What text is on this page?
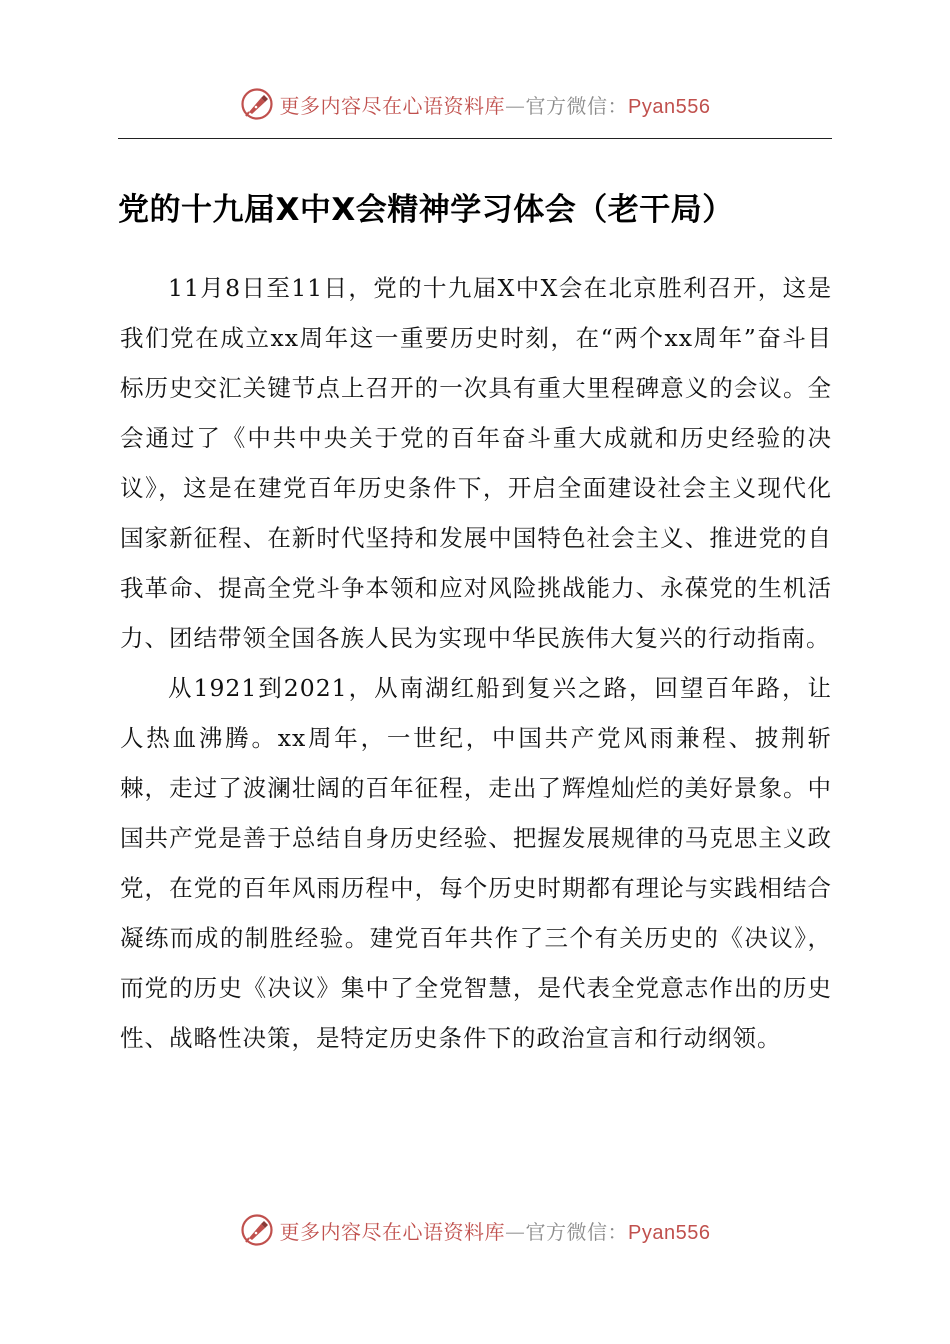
更多内容尽在心语资料库—官方微信：Pyan556
党的十九届X中X会精神学习体会（老干局）

11月8日至11日，党的十九届X中X会在北京胜利召开，这是我们党在成立xx周年这一重要历史时刻，在“两个xx周年”奋斗目标历史交汇关键节点上召开的一次具有重大里程碑意义的会议。全会通过了《中共中央关于党的百年奋斗重大成就和历史经验的决议》，这是在建党百年历史条件下，开启全面建设社会主义现代化国家新征程、在新时代坚持和发展中国特色社会主义、推进党的自我革命、提高全党斗争本领和应对风险挑战能力、永葆党的生机活力、团结带领全国各族人民为实现中华民族伟大复兴的行动指南。

从1921到2021，从南湖红船到复兴之路，回望百年路，让人热血沸腾。xx周年，一世纪，中国共产党风雨兼程、披荆斩棘，走过了波澜壮阔的百年征程，走出了辉煌灿烂的美好景象。中国共产党是善于总结自身历史经验、把握发展规律的马克思主义政党，在党的百年风雨历程中，每个历史时期都有理论与实践相结合凝练而成的制胜经验。建党百年共作了三个有关历史的《决议》，而党的历史《决议》集中了全党智慧，是代表全党意志作出的历史性、战略性决策，是特定历史条件下的政治宣言和行动纲领。

更多内容尽在心语资料库—官方微信：Pyan556
